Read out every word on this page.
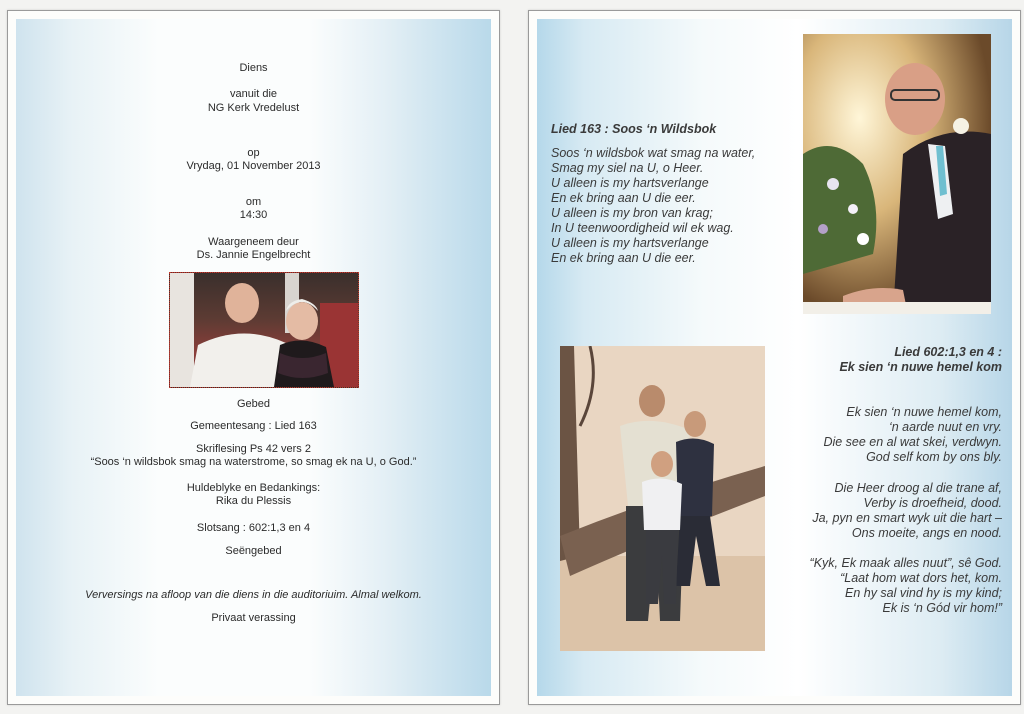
Diens
vanuit die
NG Kerk Vredelust
op
Vrydag, 01 November 2013
om
14:30
Waargeneem deur
Ds. Jannie Engelbrecht
Gebed
Gemeentesang : Lied 163
Skriflesing Ps 42 vers 2
“Soos ‘n wildsbok smag na waterstrome, so smag ek na U, o God.”
Huldeblyke en Bedankings:
Rika du Plessis
Slotsang : 602:1,3 en 4
Seëngebed
Verversings na afloop van die diens in die auditoriuim. Almal welkom.
Privaat verassing
Lied 163 : Soos ‘n Wildsbok
Soos ‘n wildsbok wat smag na water,
Smag my siel na U, o Heer.
U alleen is my hartsverlange
En ek bring aan U die eer.
U alleen is my bron van krag;
In U teenwoordigheid wil ek wag.
U alleen is my hartsverlange
En ek bring aan U die eer.
Lied 602:1,3 en 4 :
Ek sien ‘n nuwe hemel kom
Ek sien ‘n nuwe hemel kom,
‘n aarde nuut en vry.
Die see en al wat skei, verdwyn.
God self kom by ons bly.
Die Heer droog al die trane af,
Verby is droefheid, dood.
Ja, pyn en smart wyk uit die hart –
Ons moeite, angs en nood.
“Kyk, Ek maak alles nuut”, sê God.
“Laat hom wat dors het, kom.
En hy sal vind hy is my kind;
Ek is ‘n Gód vir hom!”
